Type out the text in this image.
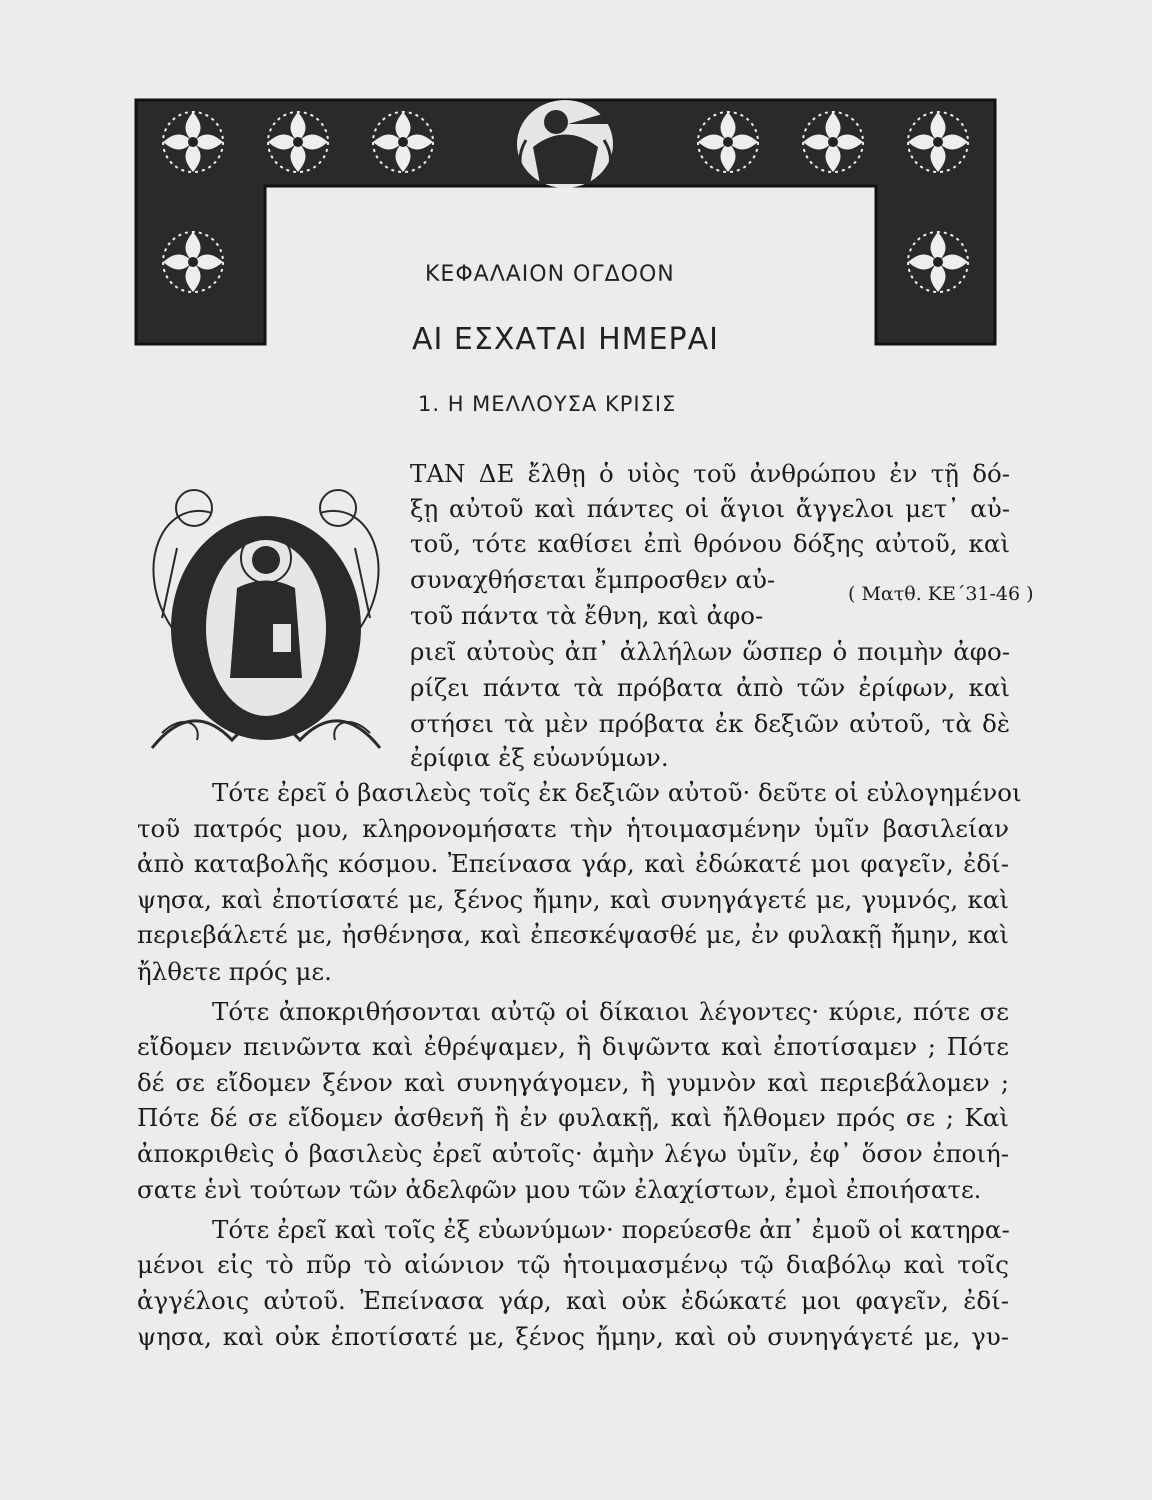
ΚΕΦΑΛΑΙΟΝ ΟΓΔΟΟΝ
ΑΙ ΕΣΧΑΤΑΙ ΗΜΕΡΑΙ
1. Η ΜΕΛΛΟΥΣΑ ΚΡΙΣΙΣ
( Ματθ. ΚΕ΄31-46 )
ΤΑΝ ΔΕ ἔλθῃ ὁ υἱὸς τοῦ ἀνθρώπου ἐν τῇ δό-
ξῃ αὐτοῦ καὶ πάντες οἱ ἅγιοι ἄγγελοι μετ᾿ αὐ-
τοῦ, τότε καθίσει ἐπὶ θρόνου δόξης αὐτοῦ, καὶ
συναχθήσεται ἔμπροσθεν αὐ-
τοῦ πάντα τὰ ἔθνη, καὶ ἀφο-
ριεῖ αὐτοὺς ἀπ᾿ ἀλλήλων ὥσπερ ὁ ποιμὴν ἀφο-
ρίζει πάντα τὰ πρόβατα ἀπὸ τῶν ἐρίφων, καὶ
στήσει τὰ μὲν πρόβατα ἐκ δεξιῶν αὐτοῦ, τὰ δὲ
ἐρίφια ἐξ εὐωνύμων.
Τότε ἐρεῖ ὁ βασιλεὺς τοῖς ἐκ δεξιῶν αὐτοῦ· δεῦτε οἱ εὐλογημένοι
τοῦ πατρός μου, κληρονομήσατε τὴν ἡτοιμασμένην ὑμῖν βασιλείαν
ἀπὸ καταβολῆς κόσμου. Ἐπείνασα γάρ, καὶ ἐδώκατέ μοι φαγεῖν, ἐδί-
ψησα, καὶ ἐποτίσατέ με, ξένος ἤμην, καὶ συνηγάγετέ με, γυμνός, καὶ
περιεβάλετέ με, ἠσθένησα, καὶ ἐπεσκέψασθέ με, ἐν φυλακῇ ἤμην, καὶ
ἤλθετε πρός με.
Τότε ἀποκριθήσονται αὐτῷ οἱ δίκαιοι λέγοντες· κύριε, πότε σε
εἴδομεν πεινῶντα καὶ ἐθρέψαμεν, ἢ διψῶντα καὶ ἐποτίσαμεν ; Πότε
δέ σε εἴδομεν ξένον καὶ συνηγάγομεν, ἢ γυμνὸν καὶ περιεβάλομεν ;
Πότε δέ σε εἴδομεν ἀσθενῆ ἢ ἐν φυλακῇ, καὶ ἤλθομεν πρός σε ; Καὶ
ἀποκριθεὶς ὁ βασιλεὺς ἐρεῖ αὐτοῖς· ἀμὴν λέγω ὑμῖν, ἐφ᾿ ὅσον ἐποιή-
σατε ἑνὶ τούτων τῶν ἀδελφῶν μου τῶν ἐλαχίστων, ἐμοὶ ἐποιήσατε.
Τότε ἐρεῖ καὶ τοῖς ἐξ εὐωνύμων· πορεύεσθε ἀπ᾿ ἐμοῦ οἱ κατηρα-
μένοι εἰς τὸ πῦρ τὸ αἰώνιον τῷ ἡτοιμασμένῳ τῷ διαβόλῳ καὶ τοῖς
ἀγγέλοις αὐτοῦ. Ἐπείνασα γάρ, καὶ οὐκ ἐδώκατέ μοι φαγεῖν, ἐδί-
ψησα, καὶ οὐκ ἐποτίσατέ με, ξένος ἤμην, καὶ οὐ συνηγάγετέ με, γυ-
